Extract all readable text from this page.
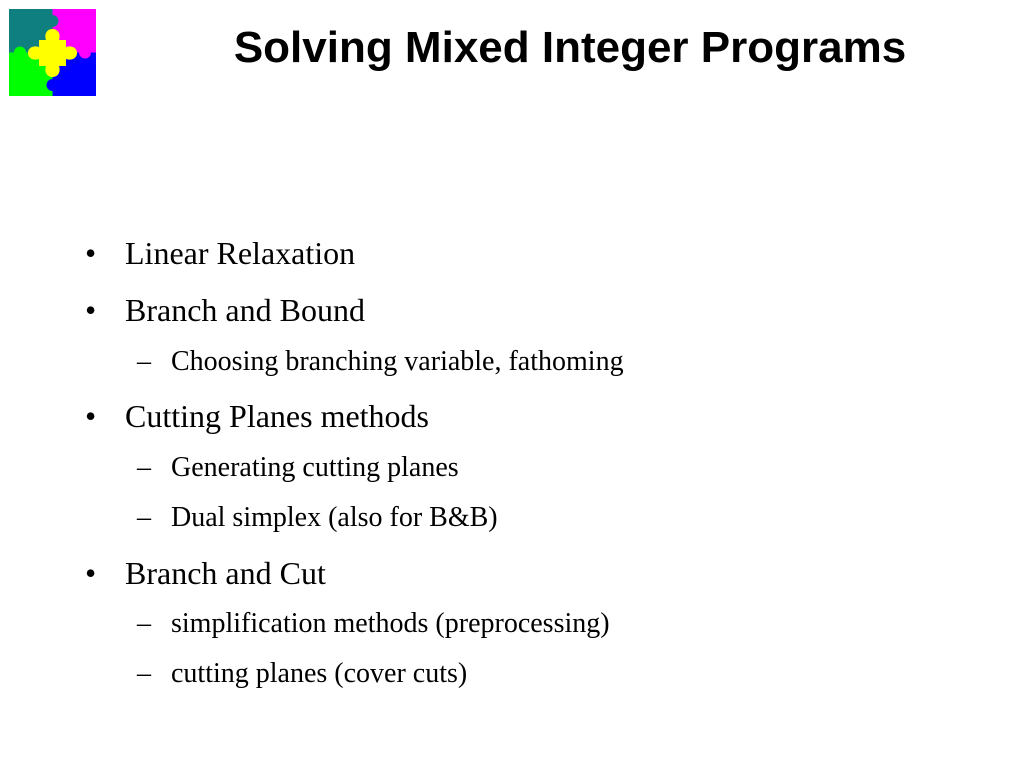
Solving Mixed Integer Programs
• Linear Relaxation
• Branch and Bound
– Choosing branching variable, fathoming
• Cutting Planes methods
– Generating cutting planes
– Dual simplex (also for B&B)
• Branch and Cut
– simplification methods (preprocessing)
– cutting planes (cover cuts)
